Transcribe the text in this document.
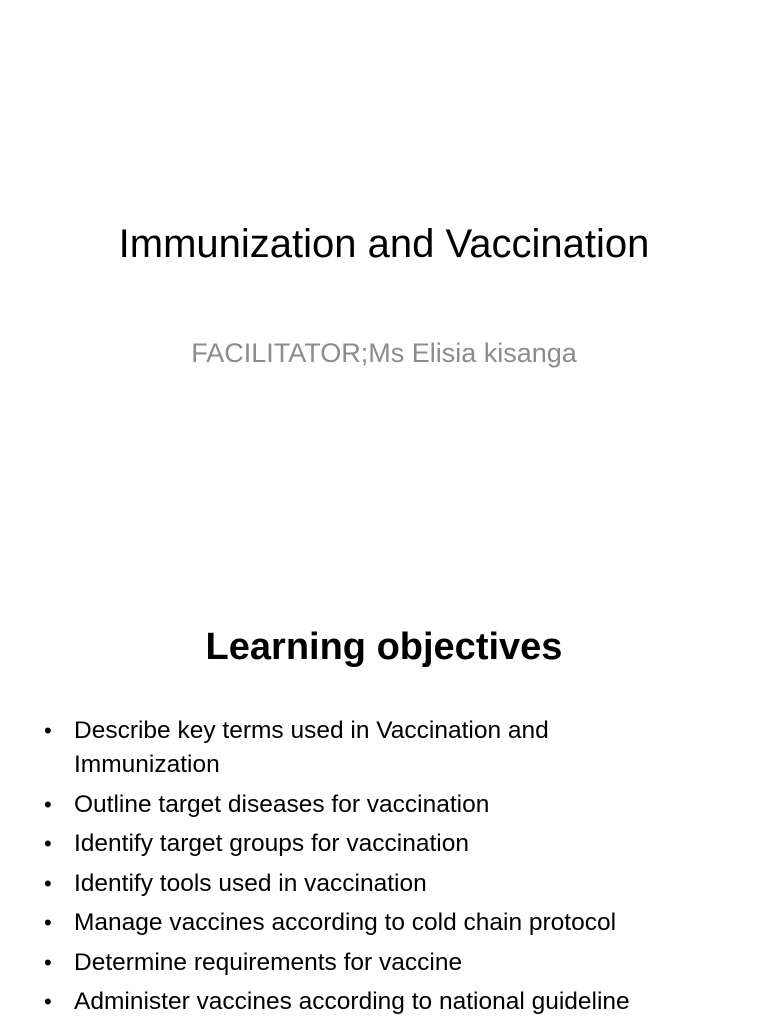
Immunization and Vaccination

FACILITATOR;Ms Elisia kisanga

Learning objectives
• Describe key terms used in Vaccination and Immunization
• Outline target diseases for vaccination
• Identify target groups for vaccination
• Identify tools used in vaccination
• Manage vaccines according to cold chain protocol
• Determine requirements for vaccine
• Administer vaccines according to national guideline
